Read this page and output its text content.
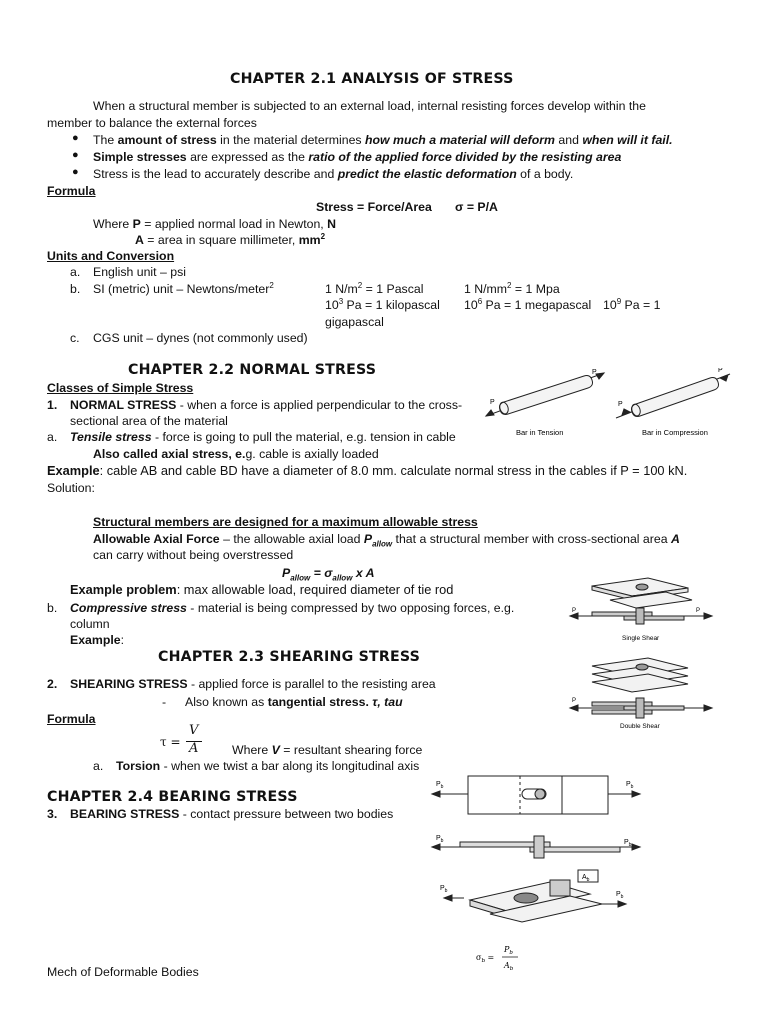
CHAPTER 2.1 ANALYSIS OF STRESS
When a structural member is subjected to an external load, internal resisting forces develop within the
member to balance the external forces
● The amount of stress in the material determines how much a material will deform and when will it fail.
● Simple stresses are expressed as the ratio of the applied force divided by the resisting area
● Stress is the lead to accurately describe and predict the elastic deformation of a body.
Formula
Stress = Force/Area σ = P/A
Where P = applied normal load in Newton, N
A = area in square millimeter, $mm^2$
Units and Conversion
a. English unit – psi
b. SI (metric) unit – Newtons/meter$^2$	1 $N/m^2 = 1$ Pascal	1 $N/mm^2 = 1$ Mpa
$10^3$ Pa = 1 kilopascal $10^6$ Pa = 1 megapascal $10^9$ Pa = 1
gigapascal
c. CGS unit – dynes (not commonly used)
CHAPTER 2.2 NORMAL STRESS
Classes of Simple Stress
1. NORMAL STRESS - when a force is applied perpendicular to the cross-
sectional area of the material
a. Tensile stress - force is going to pull the material, e.g. tension in cable
Also called axial stress, e.g. cable is axially loaded
Example: cable AB and cable BD have a diameter of 8.0 mm. calculate normal stress in the cables if P = 100 kN.
Solution:
Structural members are designed for a maximum allowable stress
Allowable Axial Force – the allowable axial load $P_{allow}$ that a structural member with cross-sectional area A
can carry without being overstressed
$P_{allow} = \sigma_{allow}$ x A
Example problem: max allowable load, required diameter of tie rod
b. Compressive stress - material is being compressed by two opposing forces, e.g.
column
Example:
P
P
P
P
Bar in Tension	Bar in Compression
CHAPTER 2.3 SHEARING STRESS
2. SHEARING STRESS - applied force is parallel to the resisting area
- Also known as tangential stress. τ, tau
Formula
τ =
V
A	Where V = resultant shearing force
a. Torsion - when we twist a bar along its longitudinal axis
Single Shear
P	P
P
Double Shear
CHAPTER 2.4 BEARING STRESS
3. BEARING STRESS - contact pressure between two bodies
$P_b$	$P_b$
$P_b$	$P_b$
$P_b$	$P_b$
$A_b$
$\sigma_b$ =
$P_b$
$A_b$
Mech of Deformable Bodies
